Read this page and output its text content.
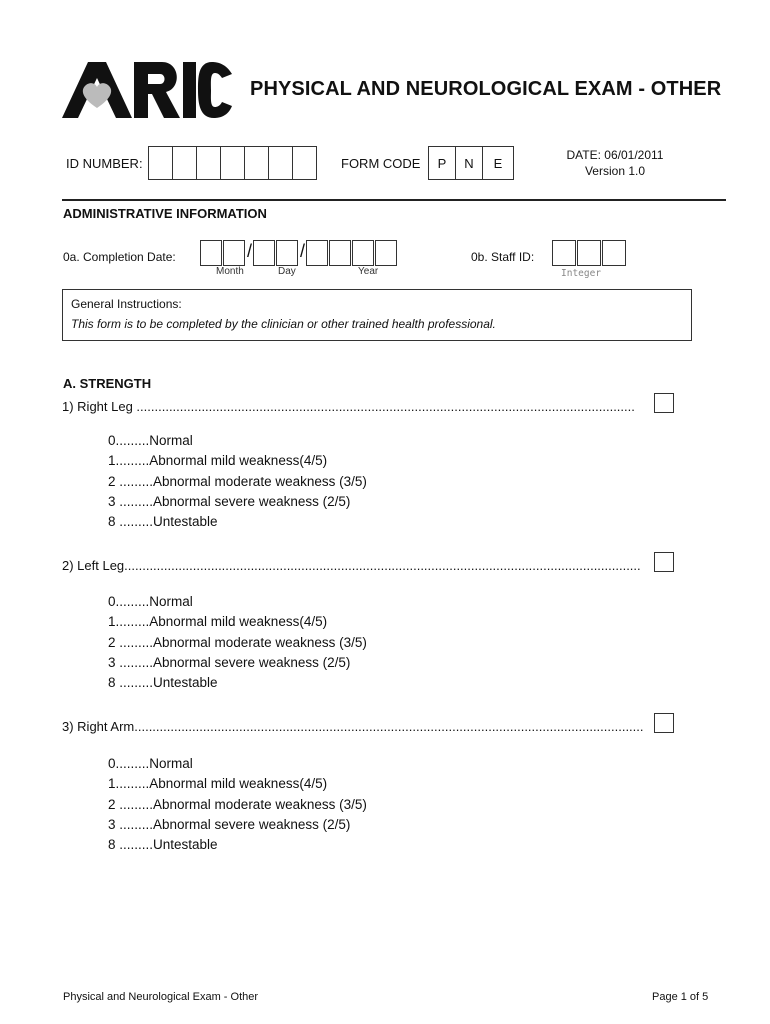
PHYSICAL AND NEUROLOGICAL EXAM - OTHER
ID NUMBER:	FORM CODE	P	N	E
DATE: 06/01/2011
Version 1.0
ADMINISTRATIVE INFORMATION
0a. Completion Date:	/	/
Month	Day	Year
0b. Staff ID:
Integer
General Instructions:
This form is to be completed by the clinician or other trained health professional.
A. STRENGTH
1) Right Leg ..........................................................................................................................................
0.........Normal
1.........Abnormal mild weakness(4/5)
2 .........Abnormal moderate weakness (3/5)
3 .........Abnormal severe weakness (2/5)
8 .........Untestable
2) Left Leg...............................................................................................................................................
0.........Normal
1.........Abnormal mild weakness(4/5)
2 .........Abnormal moderate weakness (3/5)
3 .........Abnormal severe weakness (2/5)
8 .........Untestable
3) Right Arm.............................................................................................................................................
0.........Normal
1.........Abnormal mild weakness(4/5)
2 .........Abnormal moderate weakness (3/5)
3 .........Abnormal severe weakness (2/5)
8 .........Untestable
Physical and Neurological Exam - Other	Page 1 of 5
